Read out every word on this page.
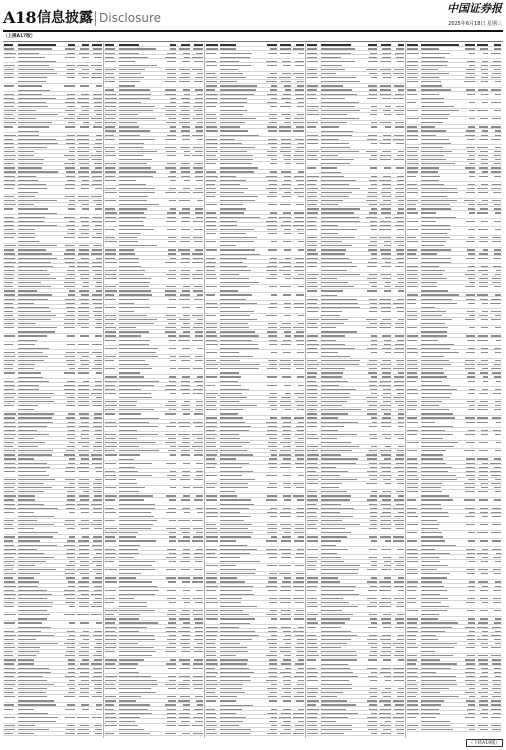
A18 信息披露 Disclosure
中国证券报
2025年6月18日 星期三
（上接A17版）
（下转A19版）
